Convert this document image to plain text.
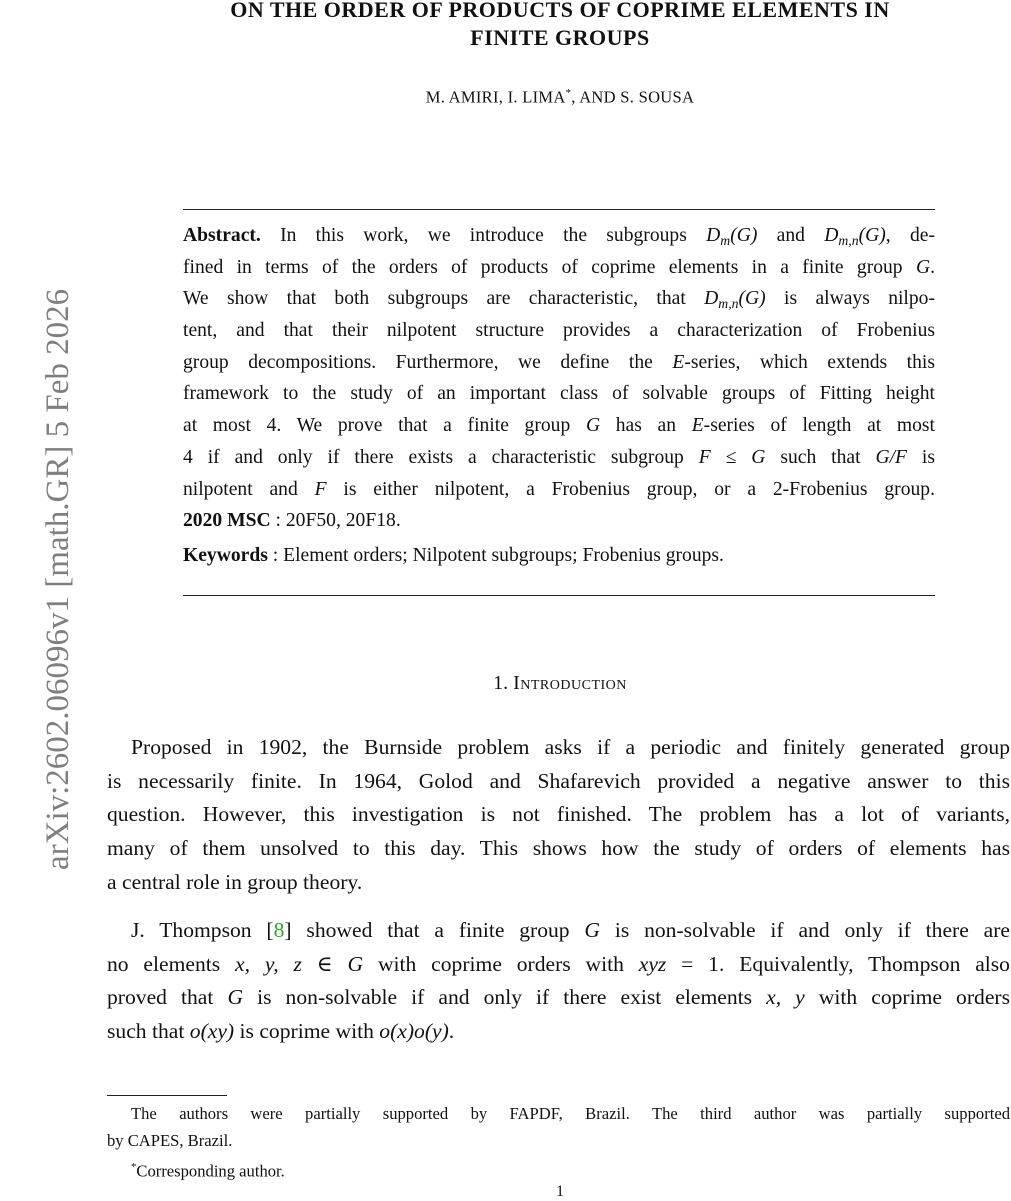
arXiv:2602.06096v1 [math.GR] 5 Feb 2026
ON THE ORDER OF PRODUCTS OF COPRIME ELEMENTS IN
FINITE GROUPS
M. AMIRI, I. LIMA*, AND S. SOUSA
Abstract. In this work, we introduce the subgroups $D_m(G)$ and $D_{m,n}(G)$, de-
fined in terms of the orders of products of coprime elements in a finite group G.
We show that both subgroups are characteristic, that $D_{m,n}(G)$ is always nilpo-
tent, and that their nilpotent structure provides a characterization of Frobenius
group decompositions. Furthermore, we define the E-series, which extends this
framework to the study of an important class of solvable groups of Fitting height
at most 4. We prove that a finite group G has an E-series of length at most
4 if and only if there exists a characteristic subgroup F ≤ G such that G/F is
nilpotent and F is either nilpotent, a Frobenius group, or a 2-Frobenius group.
2020 MSC : 20F50, 20F18.
Keywords : Element orders; Nilpotent subgroups; Frobenius groups.
1. Introduction
Proposed in 1902, the Burnside problem asks if a periodic and finitely generated group
is necessarily finite. In 1964, Golod and Shafarevich provided a negative answer to this
question. However, this investigation is not finished. The problem has a lot of variants,
many of them unsolved to this day. This shows how the study of orders of elements has
a central role in group theory.
J. Thompson [8] showed that a finite group G is non-solvable if and only if there are
no elements x, y, z ∈ G with coprime orders with xyz = 1. Equivalently, Thompson also
proved that G is non-solvable if and only if there exist elements x, y with coprime orders
such that o(xy) is coprime with o(x)o(y).
The authors were partially supported by FAPDF, Brazil. The third author was partially supported
by CAPES, Brazil.
*Corresponding author.
1
